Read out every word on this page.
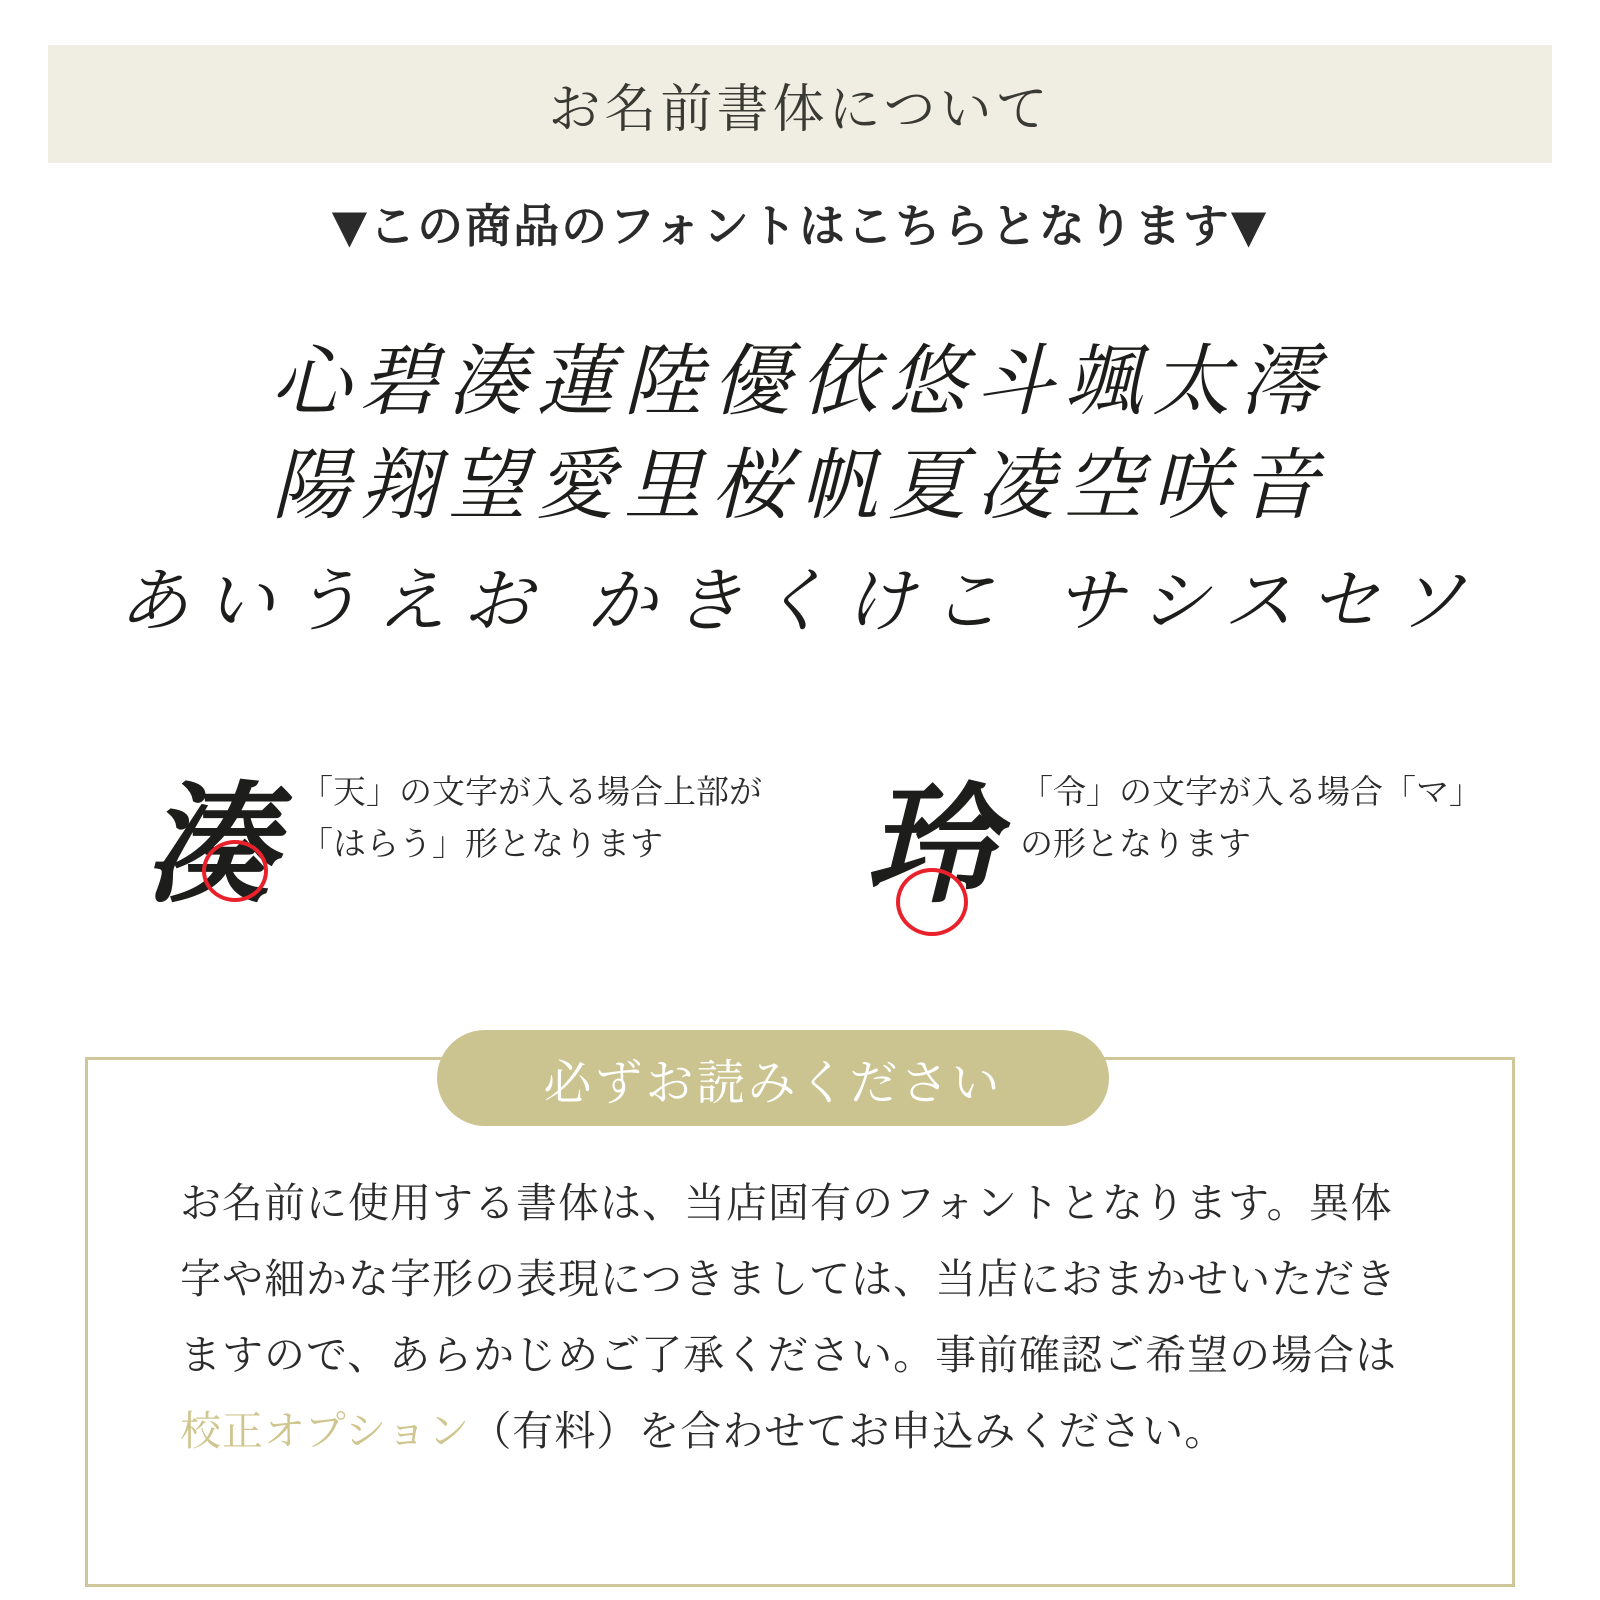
お名前書体について
▼この商品のフォントはこちらとなります▼
心碧湊蓮陸優依悠斗颯太澪
陽翔望愛里桜帆夏凌空咲音
あいうえお かきくけこ サシスセソ
湊 「天」の文字が入る場合上部が「はらう」形となります	玲 「令」の文字が入る場合「マ」の形となります
必ずお読みください
お名前に使用する書体は、当店固有のフォントとなります。異体字や細かな字形の表現につきましては、当店におまかせいただきますので、あらかじめご了承ください。事前確認ご希望の場合は校正オプション（有料）を合わせてお申込みください。
